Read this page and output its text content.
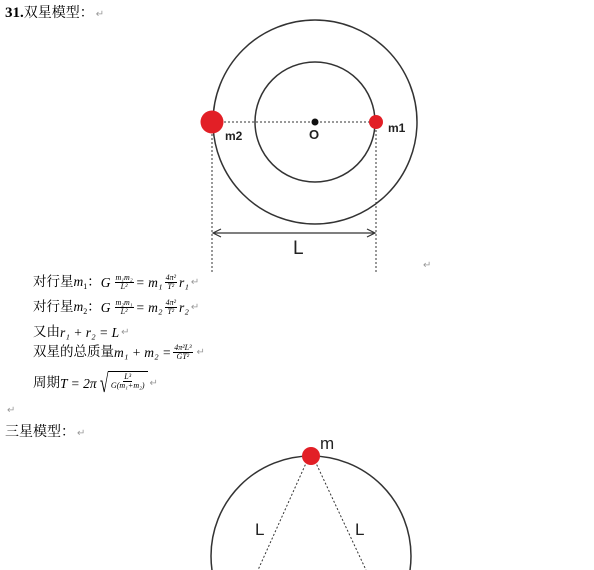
31.双星模型： ↵
O
m2
m1
L
↵
对行星 $m_1$ ： G $\frac{\text{m₁m₂}}{\text{L²}} = m_1 \frac{\text{4π²}}{\text{T²}} r_1$ ↵
对行星 $m_2$ ： G $\frac{\text{m₂m₁}}{\text{L²}} = m_2 \frac{\text{4π²}}{\text{T²}} r_2$ ↵
又由 r₁ + r₂ = L ↵
双星的总质量 $m_1 + m_2 = \frac{\text{4π²L³}}{\text{GT²}}$ ↵
周期 T = 2π √ $\frac{\text{L³}}{\text{G(m₁+m₂)}}$ ↵
↵
三星模型： ↵
m
L	L
